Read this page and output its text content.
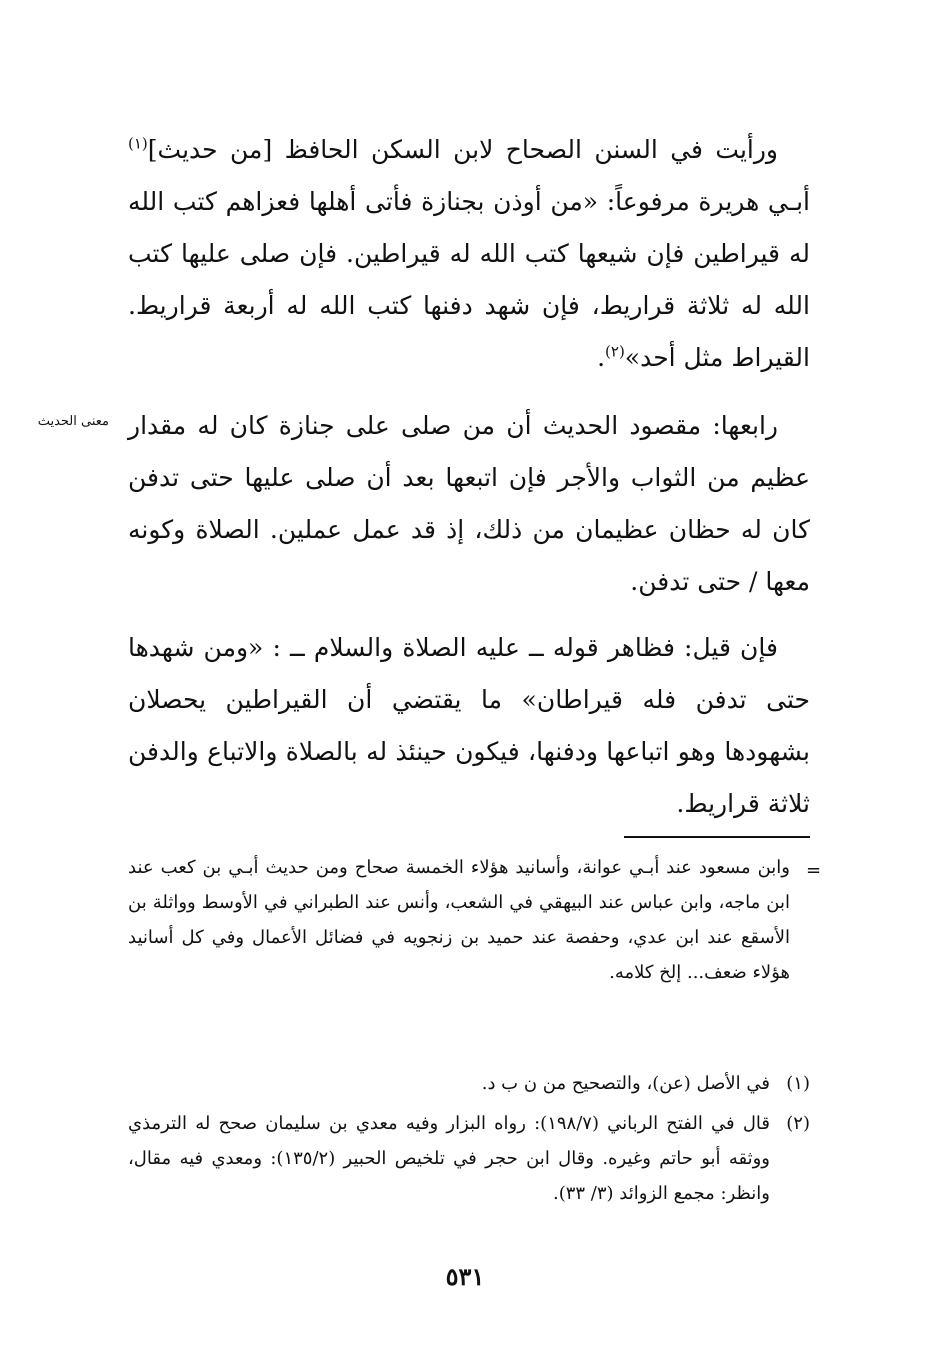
ورأيت في السنن الصحاح لابن السكن الحافظ [من حديث]$^{(١)}$ أبـي هريرة مرفوعاً: «من أوذن بجنازة فأتى أهلها فعزاهم كتب الله له قيراطين فإن شيعها كتب الله له قيراطين. فإن صلى عليها كتب الله له ثلاثة قراريط، فإن شهد دفنها كتب الله له أربعة قراريط. القيراط مثل أحد»$^{(٢)}$.

معنى الحديث رابعها: مقصود الحديث أن من صلى على جنازة كان له مقدار عظيم من الثواب والأجر فإن اتبعها بعد أن صلى عليها حتى تدفن كان له حظان عظيمان من ذلك، إذ قد عمل عملين. الصلاة وكونه معها / حتى تدفن.

فإن قيل: فظاهر قوله ــ عليه الصلاة والسلام ــ : «ومن شهدها حتى تدفن فله قيراطان» ما يقتضي أن القيراطين يحصلان بشهودها وهو اتباعها ودفنها، فيكون حينئذ له بالصلاة والاتباع والدفن ثلاثة قراريط.

=
وابن مسعود عند أبـي عوانة، وأسانيد هؤلاء الخمسة صحاح ومن حديث أبـي بن كعب عند ابن ماجه، وابن عباس عند البيهقي في الشعب، وأنس عند الطبراني في الأوسط وواثلة بن الأسقع عند ابن عدي، وحفصة عند حميد بن زنجويه في فضائل الأعمال وفي كل أسانيد هؤلاء ضعف... إلخ كلامه.
(١)
في الأصل (عن)، والتصحيح من ن ب د.
(٢)
قال في الفتح الرباني (١٩٨/٧): رواه البزار وفيه معدي بن سليمان صحح له الترمذي ووثقه أبو حاتم وغيره. وقال ابن حجر في تلخيص الحبير (١٣٥/٢): ومعدي فيه مقال، وانظر: مجمع الزوائد (٣/ ٣٣).
٥٣١
